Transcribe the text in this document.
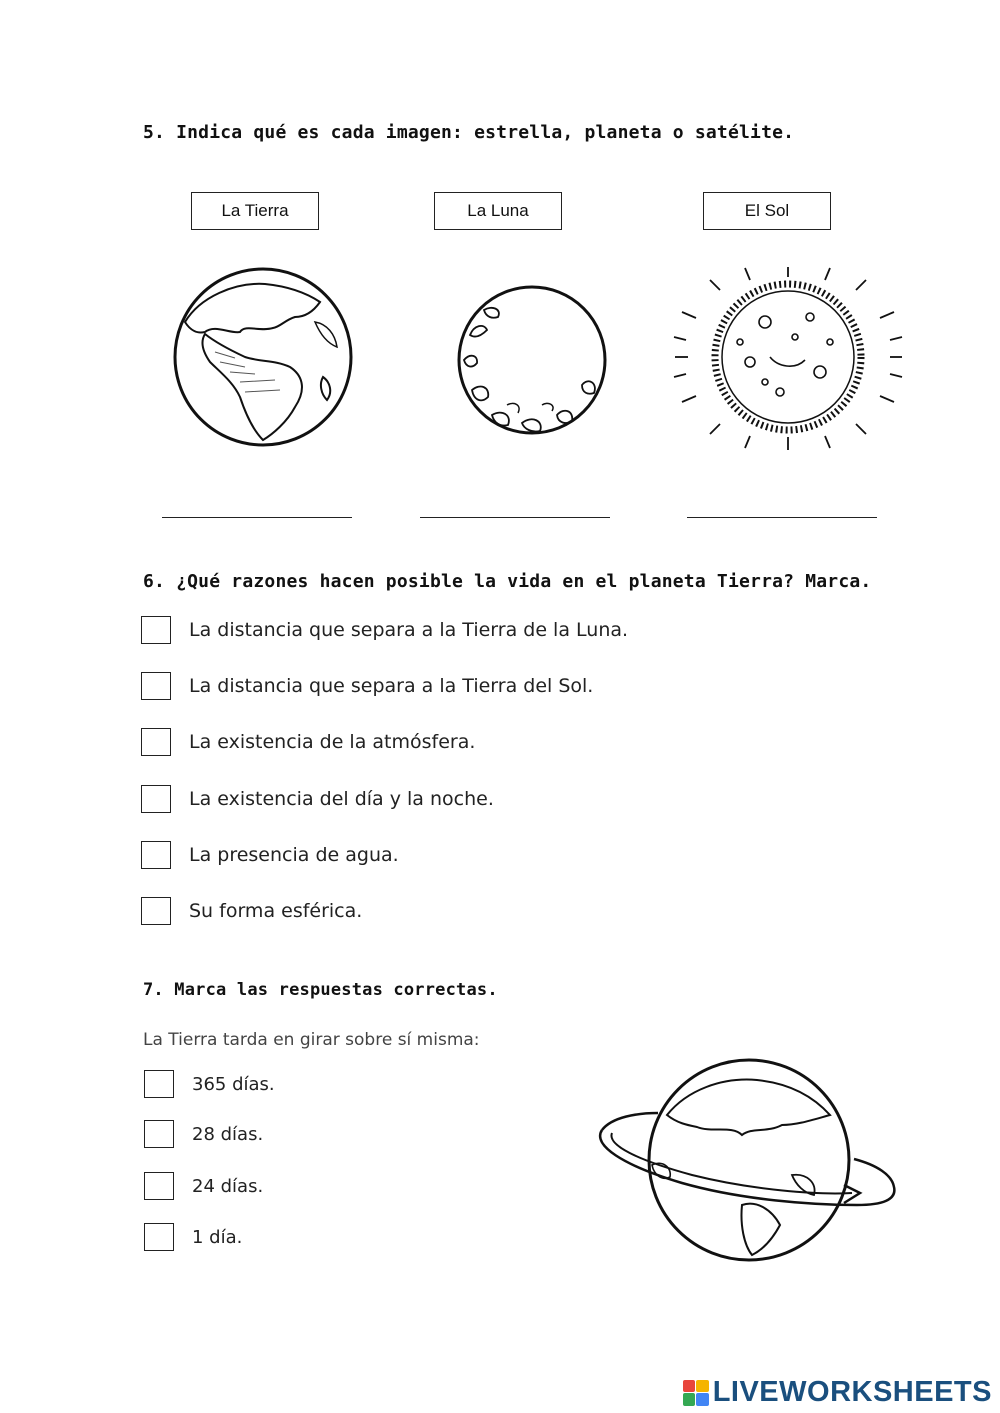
5. Indica qué es cada imagen: estrella, planeta o satélite.
La Tierra	La Luna	El Sol
6. ¿Qué razones hacen posible la vida en el planeta Tierra? Marca.
La distancia que separa a la Tierra de la Luna.
La distancia que separa a la Tierra del Sol.
La existencia de la atmósfera.
La existencia del día y la noche.
La presencia de agua.
Su forma esférica.
7. Marca las respuestas correctas.
La Tierra tarda en girar sobre sí misma:
365 días.
28 días.
24 días.
1 día.
LIVEWORKSHEETS
